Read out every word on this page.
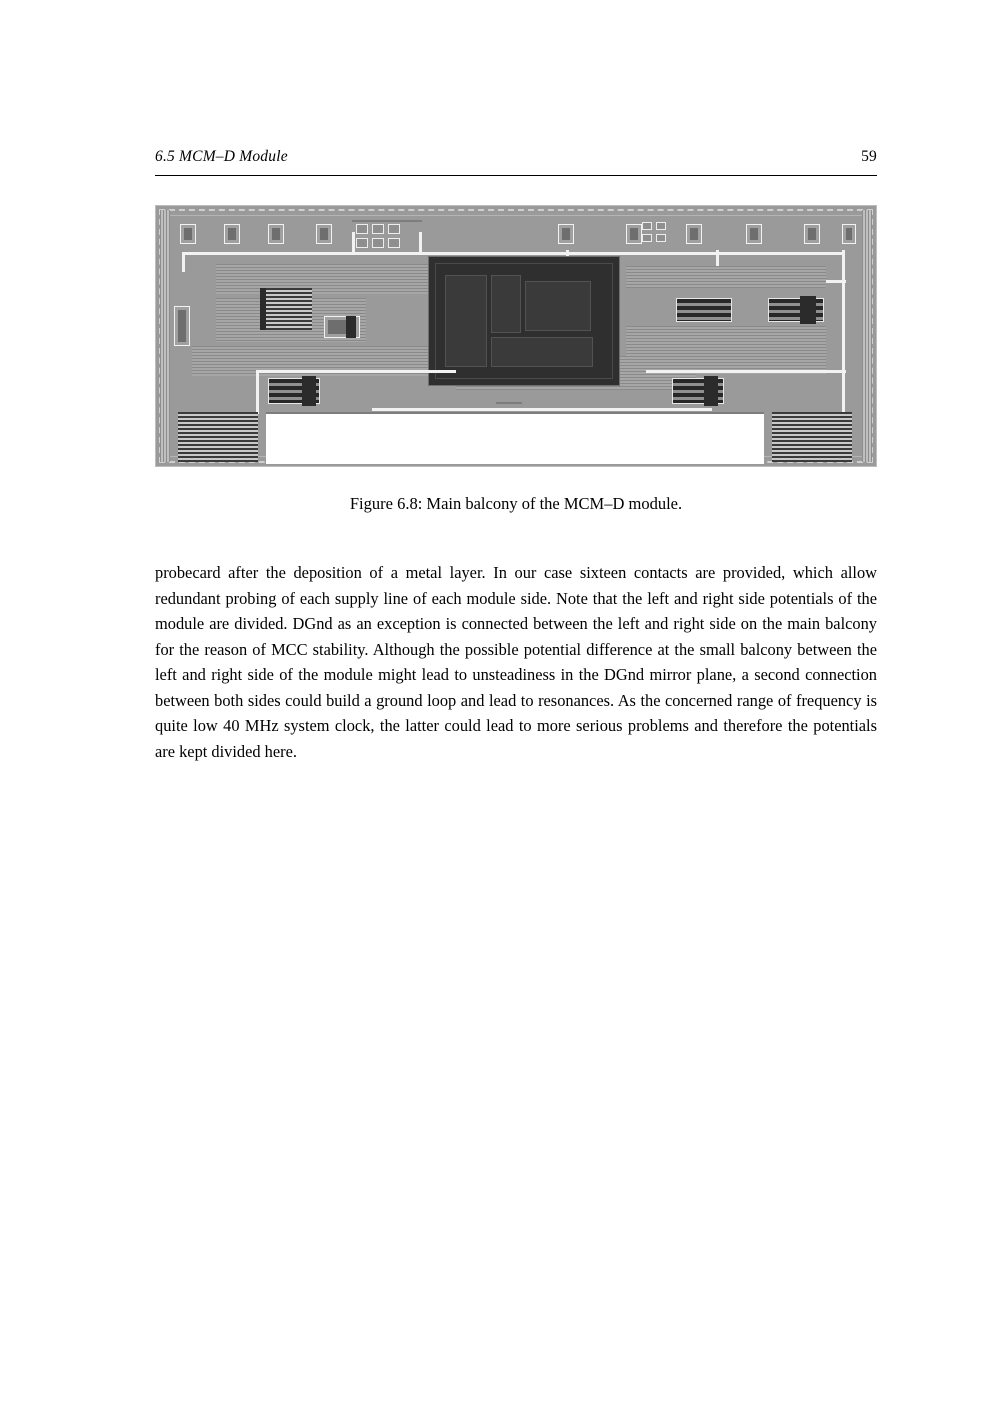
6.5 MCM–D Module	59
Figure 6.8: Main balcony of the MCM–D module.

probecard after the deposition of a metal layer. In our case sixteen contacts are provided, which allow redundant probing of each supply line of each module side. Note that the left and right side potentials of the module are divided. DGnd as an exception is connected between the left and right side on the main balcony for the reason of MCC stability. Although the possible potential difference at the small balcony between the left and right side of the module might lead to unsteadiness in the DGnd mirror plane, a second connection between both sides could build a ground loop and lead to resonances. As the concerned range of frequency is quite low 40 MHz system clock, the latter could lead to more serious problems and therefore the potentials are kept divided here.
